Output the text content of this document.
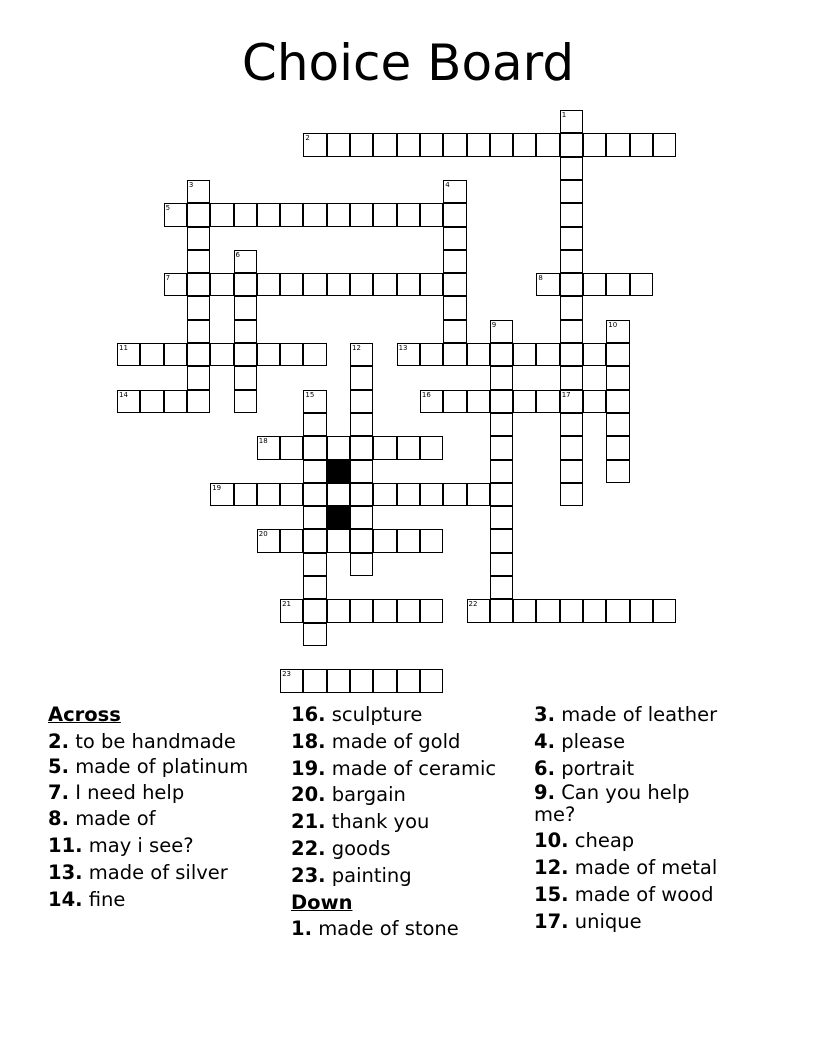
Choice Board
2
5
7	8
11	13
14	16	17
18
19
20
21	22
23
1
3	4
6
9	10
12
15
Across
2. to be handmade
5. made of platinum
7. I need help
8. made of
11. may i see?
13. made of silver
14. fine
16. sculpture
18. made of gold
19. made of ceramic
20. bargain
21. thank you
22. goods
23. painting
Down
1. made of stone
3. made of leather
4. please
6. portrait
9. Can you help me?
10. cheap
12. made of metal
15. made of wood
17. unique
